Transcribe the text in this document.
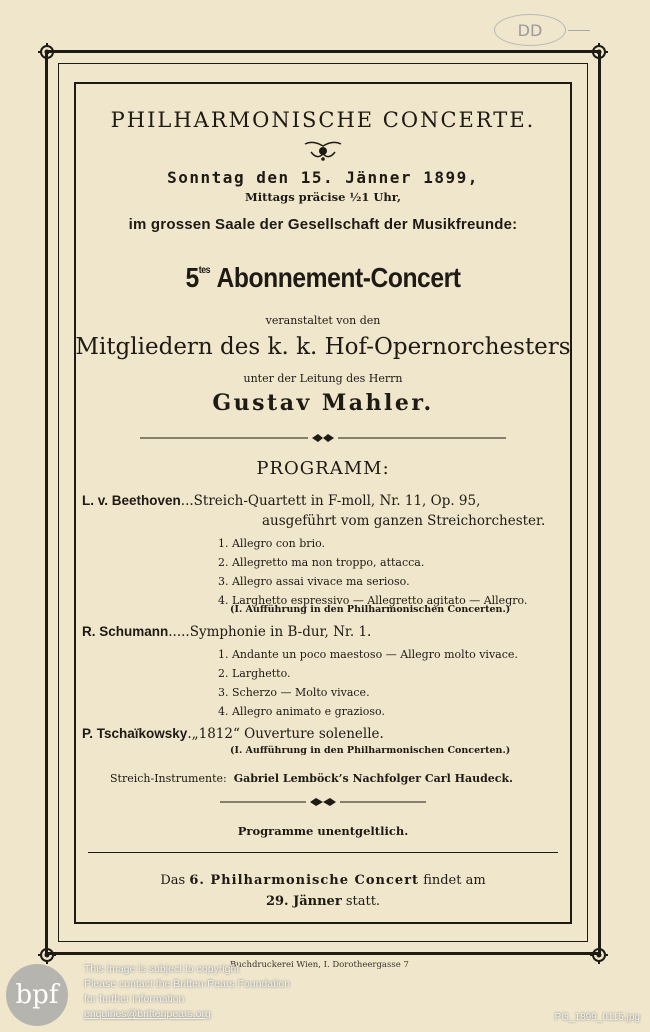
DD
PHILHARMONISCHE CONCERTE.
Sonntag den 15. Jänner 1899,
Mittags präcise ½1 Uhr,
im grossen Saale der Gesellschaft der Musikfreunde:
$5^{tes}$ Abonnement-Concert
veranstaltet von den
Mitgliedern des k. k. Hof-Opernorchesters
unter der Leitung des Herrn
Gustav Mahler.
PROGRAMM:
L. v. Beethoven...Streich-Quartett in F-moll, Nr. 11, Op. 95,
ausgeführt vom ganzen Streichorchester.
1. Allegro con brio.
2. Allegretto ma non troppo, attacca.
3. Allegro assai vivace ma serioso.
4. Larghetto espressivo — Allegretto agitato — Allegro.
(I. Aufführung in den Philharmonischen Concerten.)
R. Schumann.....Symphonie in B-dur, Nr. 1.
1. Andante un poco maestoso — Allegro molto vivace.
2. Larghetto.
3. Scherzo — Molto vivace.
4. Allegro animato e grazioso.
P. Tschaïkowsky.„1812“ Ouverture solenelle.
(I. Aufführung in den Philharmonischen Concerten.)
Streich-Instrumente: Gabriel Lemböck’s Nachfolger Carl Haudeck.
Programme unentgeltlich.
Das 6. Philharmonische Concert findet am
29. Jänner statt.
Buchdruckerei Wien, I. Dorotheergasse 7
bpf
This image is subject to copyright
Please contact the Britten-Pears Foundation
for further information
enquiries@brittenpears.org	PG_1899_0115.jpg
